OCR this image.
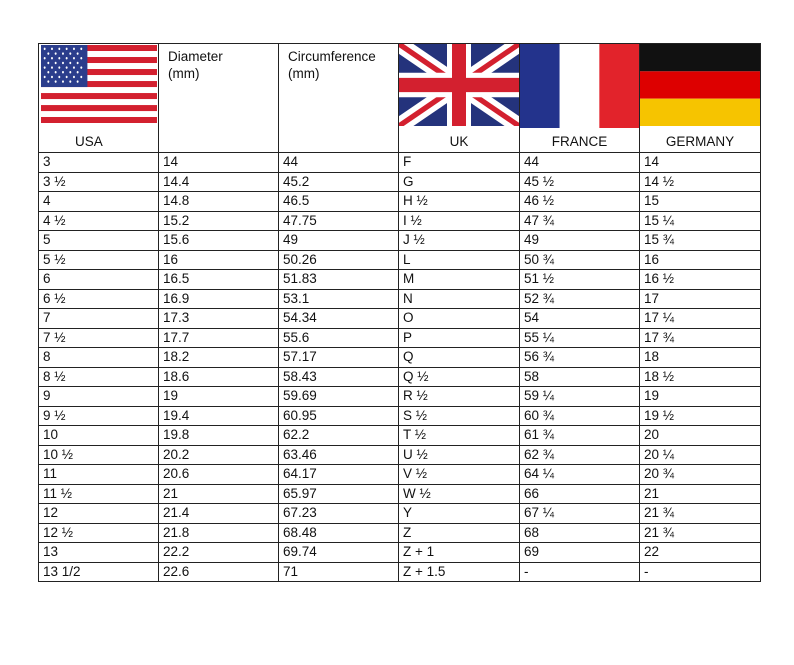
USA	Diameter (mm)	Circumference (mm)	UK	FRANCE	GERMANY

3	14	44	F	44	14
3 ½	14.4	45.2	G	45 ½	14 ½
4	14.8	46.5	H ½	46 ½	15
4 ½	15.2	47.75	I ½	47 ¾	15 ¼
5	15.6	49	J ½	49	15 ¾
5 ½	16	50.26	L	50 ¾	16
6	16.5	51.83	M	51 ½	16 ½
6 ½	16.9	53.1	N	52 ¾	17
7	17.3	54.34	O	54	17 ¼
7 ½	17.7	55.6	P	55 ¼	17 ¾
8	18.2	57.17	Q	56 ¾	18
8 ½	18.6	58.43	Q ½	58	18 ½
9	19	59.69	R ½	59 ¼	19
9 ½	19.4	60.95	S ½	60 ¾	19 ½
10	19.8	62.2	T ½	61 ¾	20
10 ½	20.2	63.46	U ½	62 ¾	20 ¼
11	20.6	64.17	V ½	64 ¼	20 ¾
11 ½	21	65.97	W ½	66	21
12	21.4	67.23	Y	67 ¼	21 ¾
12 ½	21.8	68.48	Z	68	21 ¾
13	22.2	69.74	Z + 1	69	22
13 1/2	22.6	71	Z + 1.5	-	-
